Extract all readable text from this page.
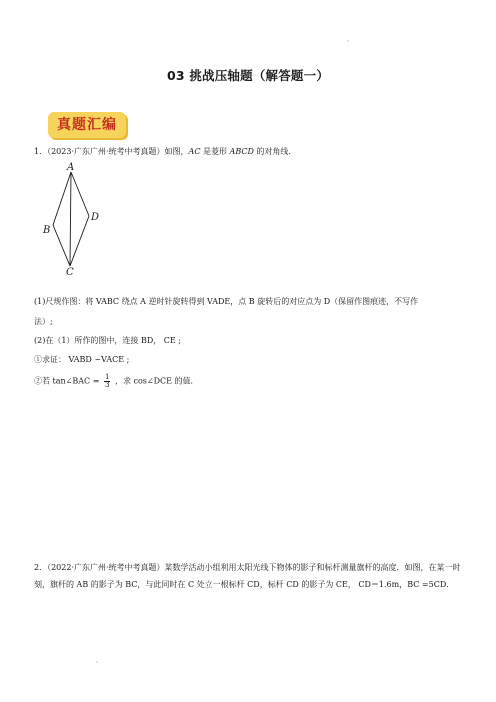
03 挑战压轴题（解答题一）
真题汇编
1．（2023·广东广州·统考中考真题）如图，AC 是菱形 ABCD 的对角线．
A
B
C
D
(1)尺规作图：将 VABC 绕点 A 逆时针旋转得到 VADE，点 B 旋转后的对应点为 D（保留作图痕迹，不写作
法）;
(2)在（1）所作的图中，连接 BD， CE ;
①求证： VABD ∽VACE ;
②若 tan∠BAC = $\frac{1}{3}$ ，求 cos∠DCE 的值．
2．（2022·广东广州·统考中考真题）某数学活动小组利用太阳光线下物体的影子和标杆测量旗杆的高度．如图，在某一时刻，旗杆的 AB 的影子为 BC，与此同时在 C 处立一根标杆 CD，标杆 CD 的影子为 CE， CD＝1.6m，BC =5CD．
